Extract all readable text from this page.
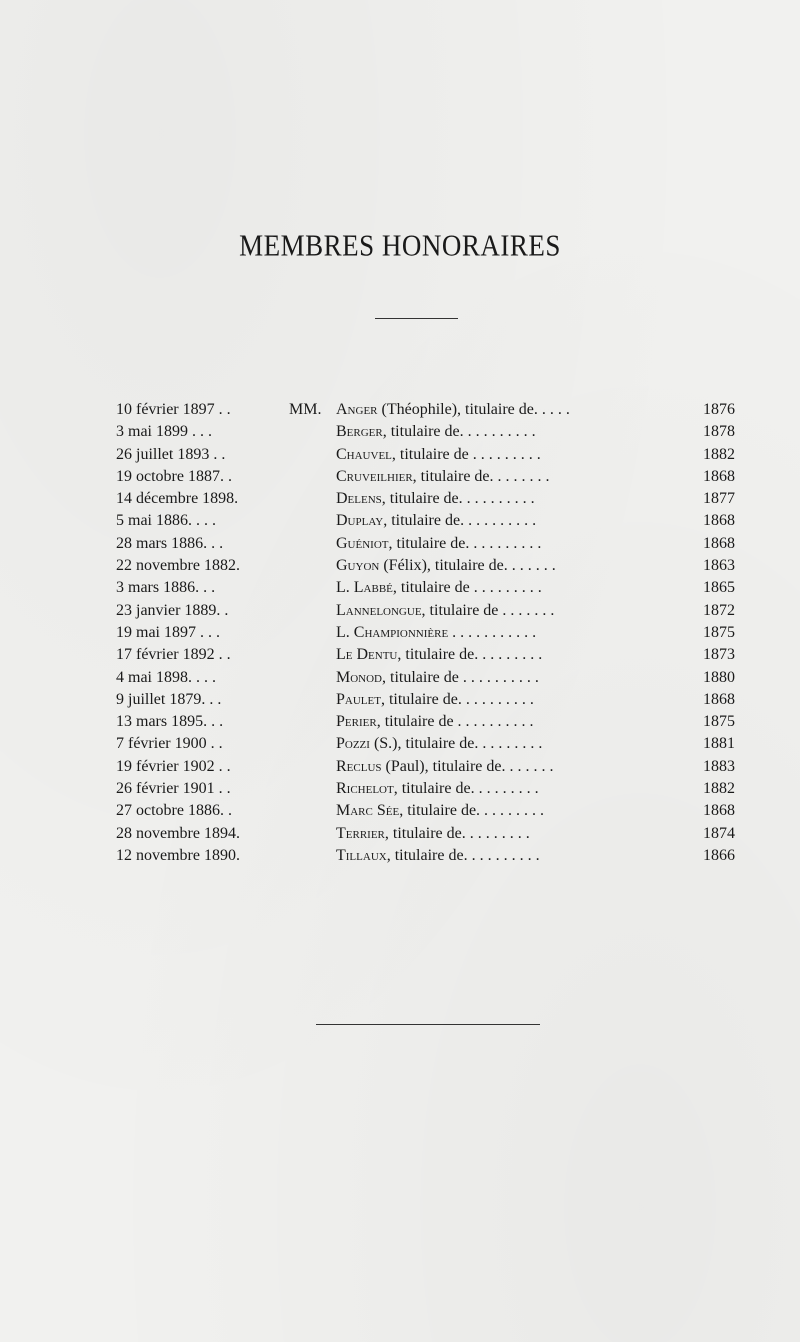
MEMBRES HONORAIRES
10 février 1897 . .	MM. Anger (Théophile), titulaire de. . . . .	1876
3 mai 1899 . . .	Berger, titulaire de. . . . . . . . . .	1878
26 juillet 1893 . .	Chauvel, titulaire de . . . . . . . . .	1882
19 octobre 1887. .	Cruveilhier, titulaire de. . . . . . . .	1868
14 décembre 1898.	Delens, titulaire de. . . . . . . . . .	1877
5 mai 1886. . . .	Duplay, titulaire de. . . . . . . . . .	1868
28 mars 1886. . .	Guéniot, titulaire de. . . . . . . . . .	1868
22 novembre 1882.	Guyon (Félix), titulaire de. . . . . . .	1863
3 mars 1886. . .	L. Labbé, titulaire de . . . . . . . . .	1865
23 janvier 1889. .	Lannelongue, titulaire de . . . . . . .	1872
19 mai 1897 . . .	L. Championnière . . . . . . . . . . .	1875
17 février 1892 . .	Le Dentu, titulaire de. . . . . . . . .	1873
4 mai 1898. . . .	Monod, titulaire de . . . . . . . . . .	1880
9 juillet 1879. . .	Paulet, titulaire de. . . . . . . . . .	1868
13 mars 1895. . .	Perier, titulaire de . . . . . . . . . .	1875
7 février 1900 . .	Pozzi (S.), titulaire de. . . . . . . . .	1881
19 février 1902 . .	Reclus (Paul), titulaire de. . . . . . .	1883
26 février 1901 . .	Richelot, titulaire de. . . . . . . . .	1882
27 octobre 1886. .	Marc Sée, titulaire de. . . . . . . . .	1868
28 novembre 1894.	Terrier, titulaire de. . . . . . . . .	1874
12 novembre 1890.	Tillaux, titulaire de. . . . . . . . . .	1866
